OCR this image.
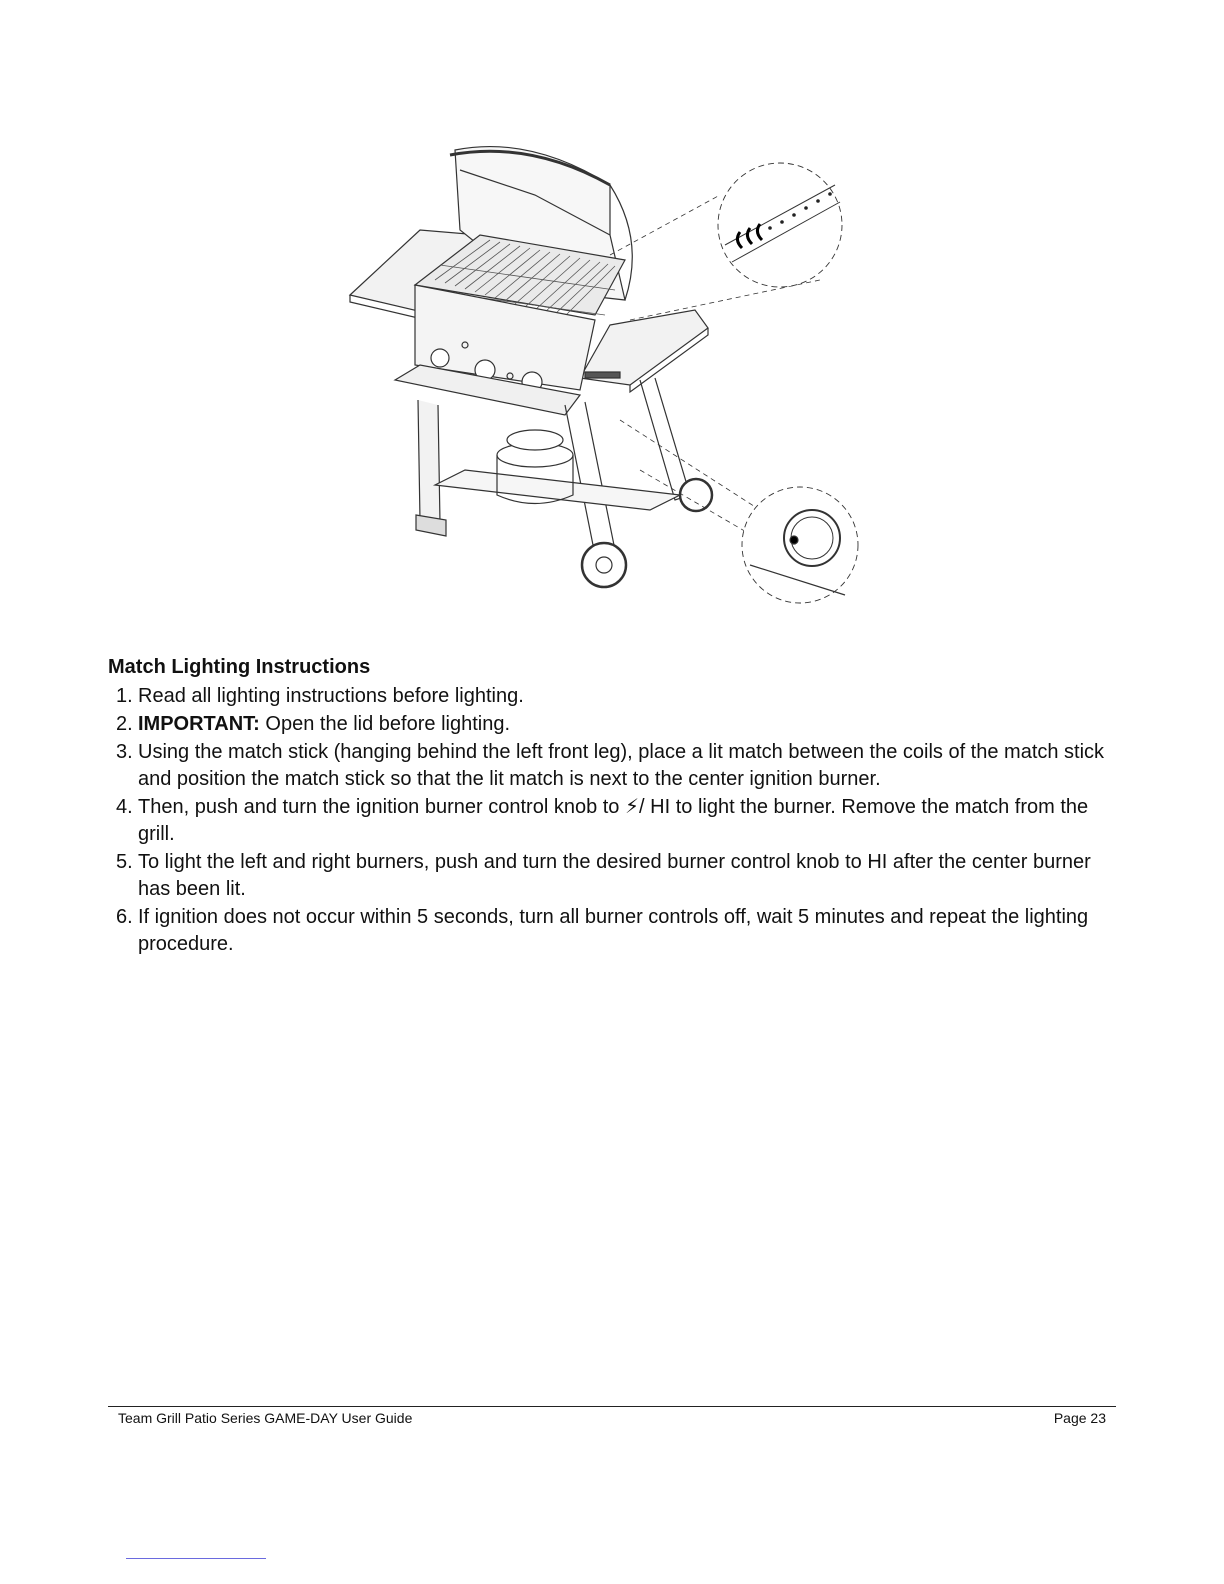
Match Lighting Instructions
1. Read all lighting instructions before lighting.
2. IMPORTANT: Open the lid before lighting.
3. Using the match stick (hanging behind the left front leg), place a lit match between the coils of the match stick and position the match stick so that the lit match is next to the center ignition burner.
4. Then, push and turn the ignition burner control knob to ⚡/ HI to light the burner. Remove the match from the grill.
5. To light the left and right burners, push and turn the desired burner control knob to HI after the center burner has been lit.
6. If ignition does not occur within 5 seconds, turn all burner controls off, wait 5 minutes and repeat the lighting procedure.
Team Grill Patio Series GAME-DAY User Guide	Page 23
